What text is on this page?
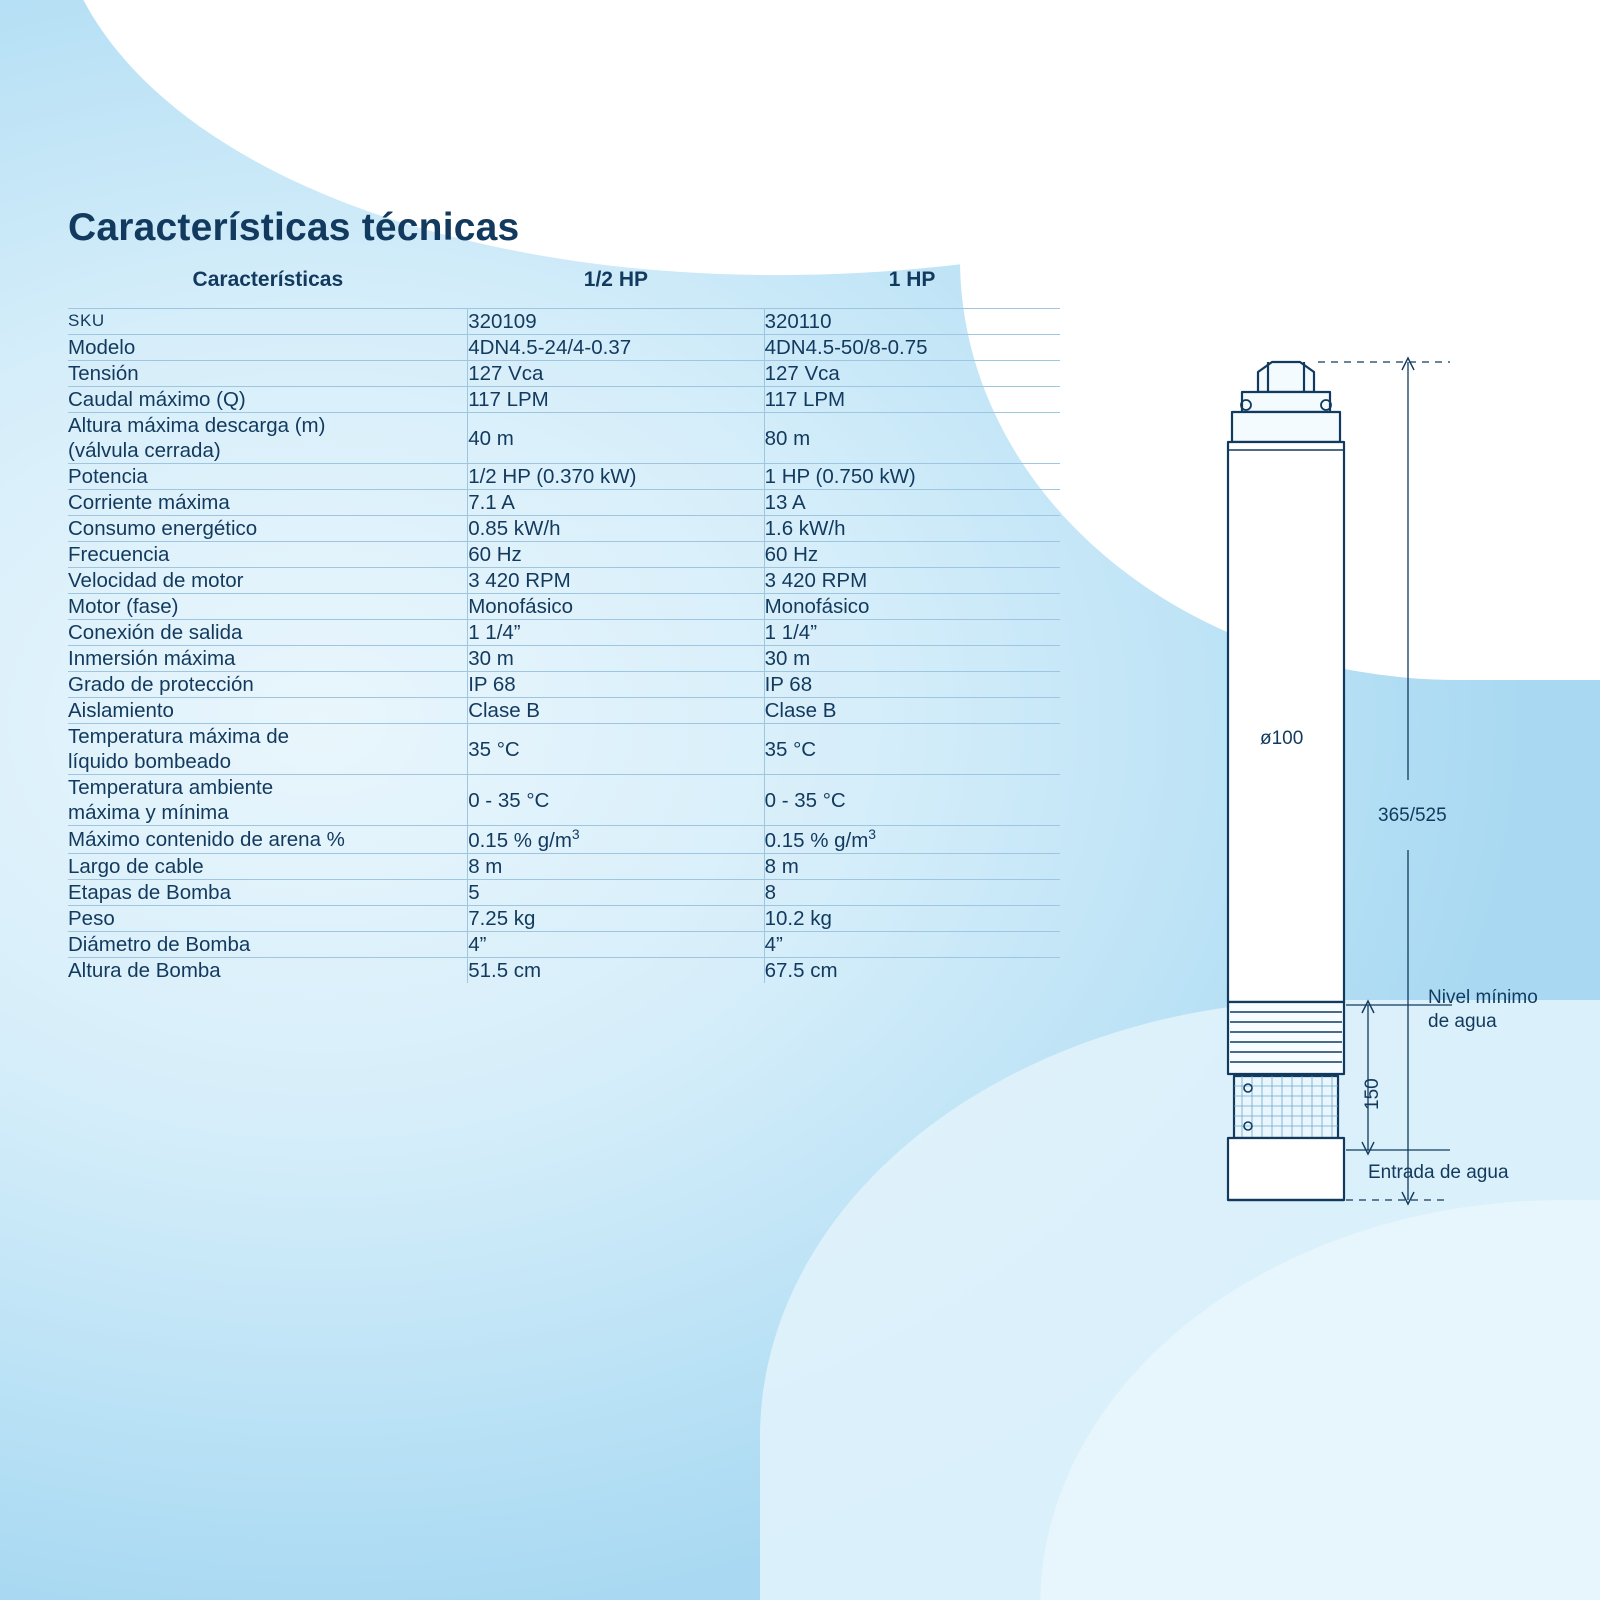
Características técnicas
Características	1/2 HP	1 HP
SKU	320109	320110
Modelo	4DN4.5-24/4-0.37	4DN4.5-50/8-0.75
Tensión	127 Vca	127 Vca
Caudal máximo (Q)	117 LPM	117 LPM
Altura máxima descarga (m)
(válvula cerrada)	40 m	80 m
Potencia	1/2 HP (0.370 kW)	1 HP (0.750 kW)
Corriente máxima	7.1 A	13 A
Consumo energético	0.85 kW/h	1.6 kW/h
Frecuencia	60 Hz	60 Hz
Velocidad de motor	3 420 RPM	3 420 RPM
Motor (fase)	Monofásico	Monofásico
Conexión de salida	1 1/4”	1 1/4”
Inmersión máxima	30 m	30 m
Grado de protección	IP 68	IP 68
Aislamiento	Clase B	Clase B
Temperatura máxima de
líquido bombeado	35 °C	35 °C
Temperatura ambiente
máxima y mínima	0 - 35 °C	0 - 35 °C
Máximo contenido de arena %	0.15 % $g/m^3$	0.15 % $g/m^3$
Largo de cable	8 m	8 m
Etapas de Bomba	5	8
Peso	7.25 kg	10.2 kg
Diámetro de Bomba	4”	4”
Altura de Bomba	51.5 cm	67.5 cm
ø100
365/525
150
Nivel mínimo
de agua
Entrada de agua
